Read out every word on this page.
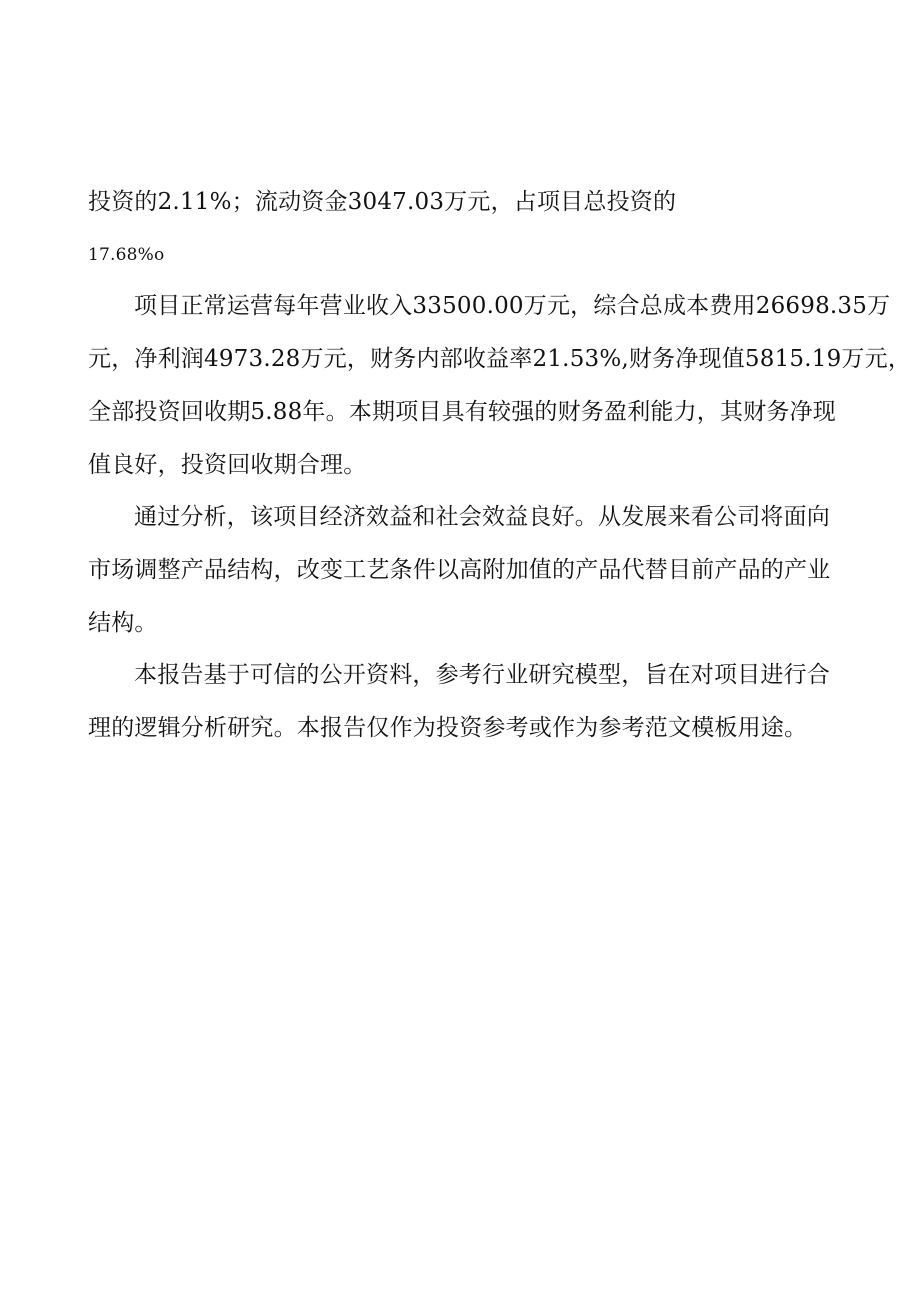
投资的2.11%；流动资金3047.03万元，占项目总投资的
17.68%o
项目正常运营每年营业收入33500.00万元，综合总成本费用26698.35万
元，净利润4973.28万元，财务内部收益率21.53%,财务净现值5815.19万元，
全部投资回收期5.88年。本期项目具有较强的财务盈利能力，其财务净现
值良好，投资回收期合理。
通过分析，该项目经济效益和社会效益良好。从发展来看公司将面向
市场调整产品结构，改变工艺条件以高附加值的产品代替目前产品的产业
结构。
本报告基于可信的公开资料，参考行业研究模型，旨在对项目进行合
理的逻辑分析研究。本报告仅作为投资参考或作为参考范文模板用途。
